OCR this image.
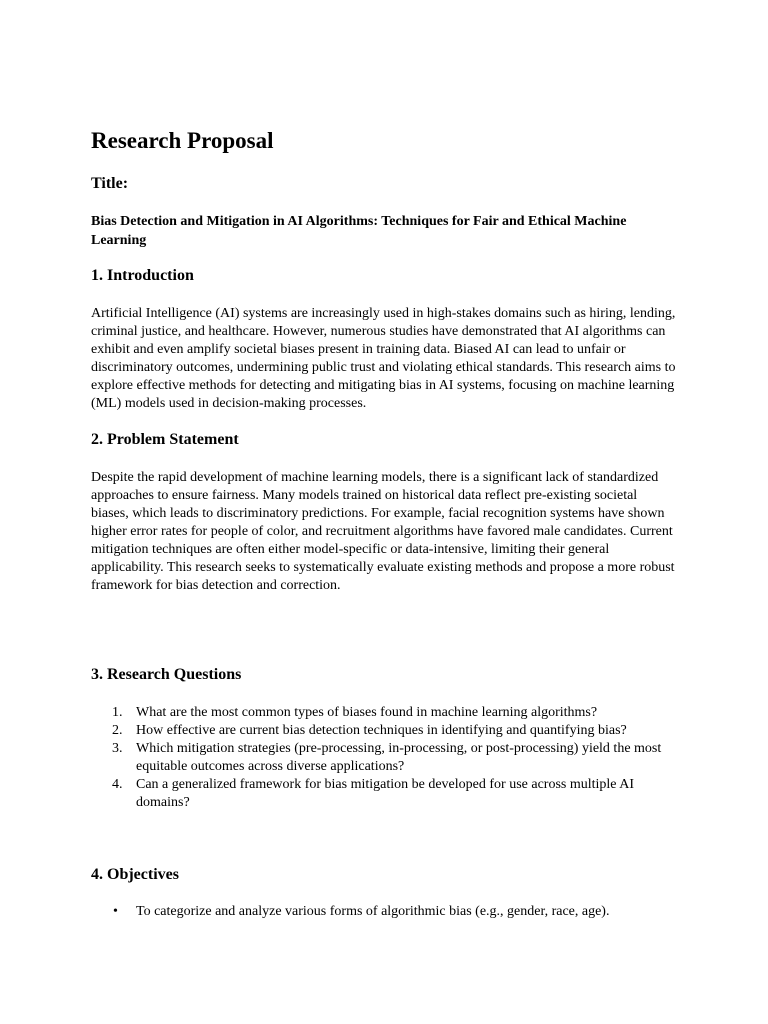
Research Proposal
Title:
Bias Detection and Mitigation in AI Algorithms: Techniques for Fair and Ethical Machine Learning
1. Introduction

Artificial Intelligence (AI) systems are increasingly used in high-stakes domains such as hiring, lending, criminal justice, and healthcare. However, numerous studies have demonstrated that AI algorithms can exhibit and even amplify societal biases present in training data. Biased AI can lead to unfair or discriminatory outcomes, undermining public trust and violating ethical standards. This research aims to explore effective methods for detecting and mitigating bias in AI systems, focusing on machine learning (ML) models used in decision-making processes.

2. Problem Statement

Despite the rapid development of machine learning models, there is a significant lack of standardized approaches to ensure fairness. Many models trained on historical data reflect pre-existing societal biases, which leads to discriminatory predictions. For example, facial recognition systems have shown higher error rates for people of color, and recruitment algorithms have favored male candidates. Current mitigation techniques are often either model-specific or data-intensive, limiting their general applicability. This research seeks to systematically evaluate existing methods and propose a more robust framework for bias detection and correction.

3. Research Questions
1. What are the most common types of biases found in machine learning algorithms?
2. How effective are current bias detection techniques in identifying and quantifying bias?
3. Which mitigation strategies (pre-processing, in-processing, or post-processing) yield the most equitable outcomes across diverse applications?
4. Can a generalized framework for bias mitigation be developed for use across multiple AI domains?
4. Objectives
• To categorize and analyze various forms of algorithmic bias (e.g., gender, race, age).
